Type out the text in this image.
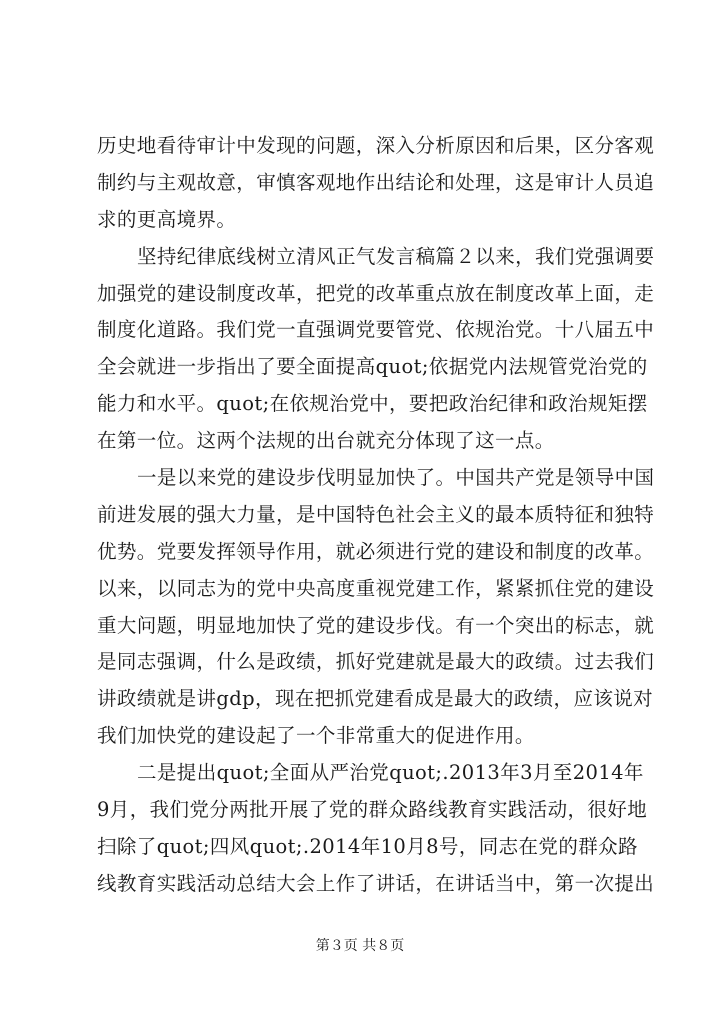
历史地看待审计中发现的问题，深入分析原因和后果，区分客观
制约与主观故意，审慎客观地作出结论和处理，这是审计人员追
求的更高境界。
坚持纪律底线树立清风正气发言稿篇２以来，我们党强调要
加强党的建设制度改革，把党的改革重点放在制度改革上面，走
制度化道路。我们党一直强调党要管党、依规治党。十八届五中
全会就进一步指出了要全面提高quot;依据党内法规管党治党的
能力和水平。quot;在依规治党中，要把政治纪律和政治规矩摆
在第一位。这两个法规的出台就充分体现了这一点。
一是以来党的建设步伐明显加快了。中国共产党是领导中国
前进发展的强大力量，是中国特色社会主义的最本质特征和独特
优势。党要发挥领导作用，就必须进行党的建设和制度的改革。
以来，以同志为的党中央高度重视党建工作，紧紧抓住党的建设
重大问题，明显地加快了党的建设步伐。有一个突出的标志，就
是同志强调，什么是政绩，抓好党建就是最大的政绩。过去我们
讲政绩就是讲gdp，现在把抓党建看成是最大的政绩，应该说对
我们加快党的建设起了一个非常重大的促进作用。
二是提出quot;全面从严治党quot;.2013年3月至2014年
9月，我们党分两批开展了党的群众路线教育实践活动，很好地
扫除了quot;四风quot;.2014年10月8号，同志在党的群众路
线教育实践活动总结大会上作了讲话，在讲话当中，第一次提出
第３页 共８页
